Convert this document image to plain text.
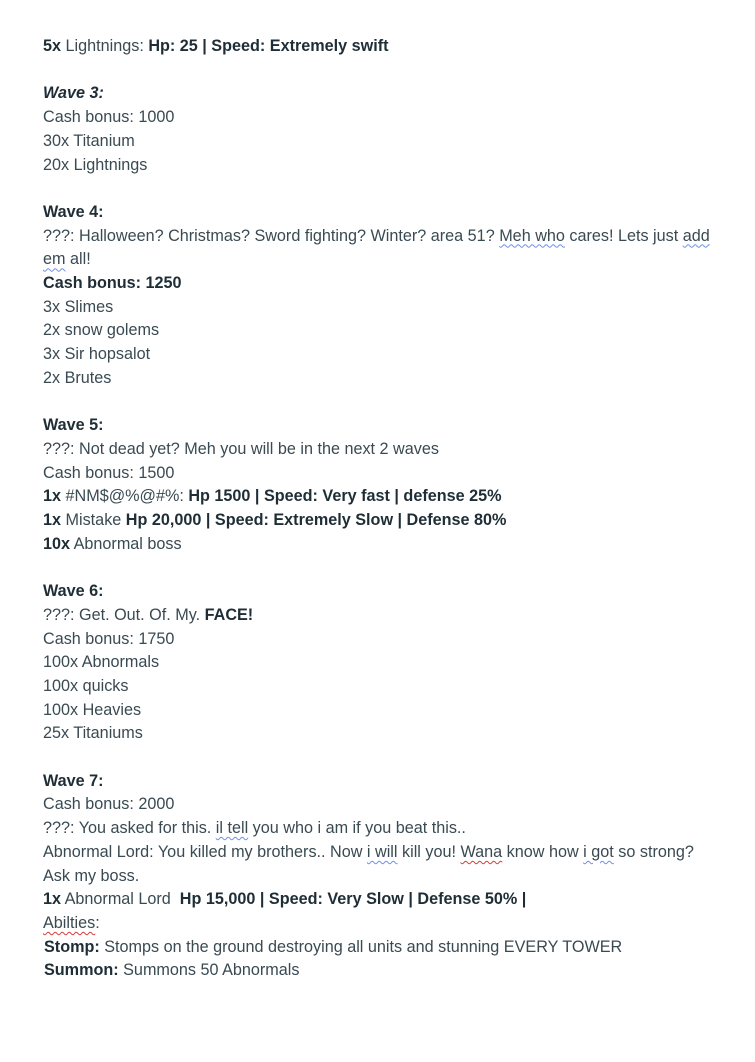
5x Lightnings: Hp: 25 | Speed: Extremely swift
Wave 3:
Cash bonus: 1000
30x Titanium
20x Lightnings
Wave 4:
???: Halloween? Christmas? Sword fighting? Winter? area 51? Meh who cares! Lets just add em all!
Cash bonus: 1250
3x Slimes
2x snow golems
3x Sir hopsalot
2x Brutes
Wave 5:
???: Not dead yet? Meh you will be in the next 2 waves
Cash bonus: 1500
1x #NM$@%@#%: Hp 1500 | Speed: Very fast | defense 25%
1x Mistake Hp 20,000 | Speed: Extremely Slow | Defense 80%
10x Abnormal boss
Wave 6:
???: Get. Out. Of. My. FACE!
Cash bonus: 1750
100x Abnormals
100x quicks
100x Heavies
25x Titaniums
Wave 7:
Cash bonus: 2000
???: You asked for this. il tell you who i am if you beat this..
Abnormal Lord: You killed my brothers.. Now i will kill you! Wana know how i got so strong? Ask my boss.
1x Abnormal Lord  Hp 15,000 | Speed: Very Slow | Defense 50% |
Abilties:
Stomp: Stomps on the ground destroying all units and stunning EVERY TOWER
Summon: Summons 50 Abnormals
